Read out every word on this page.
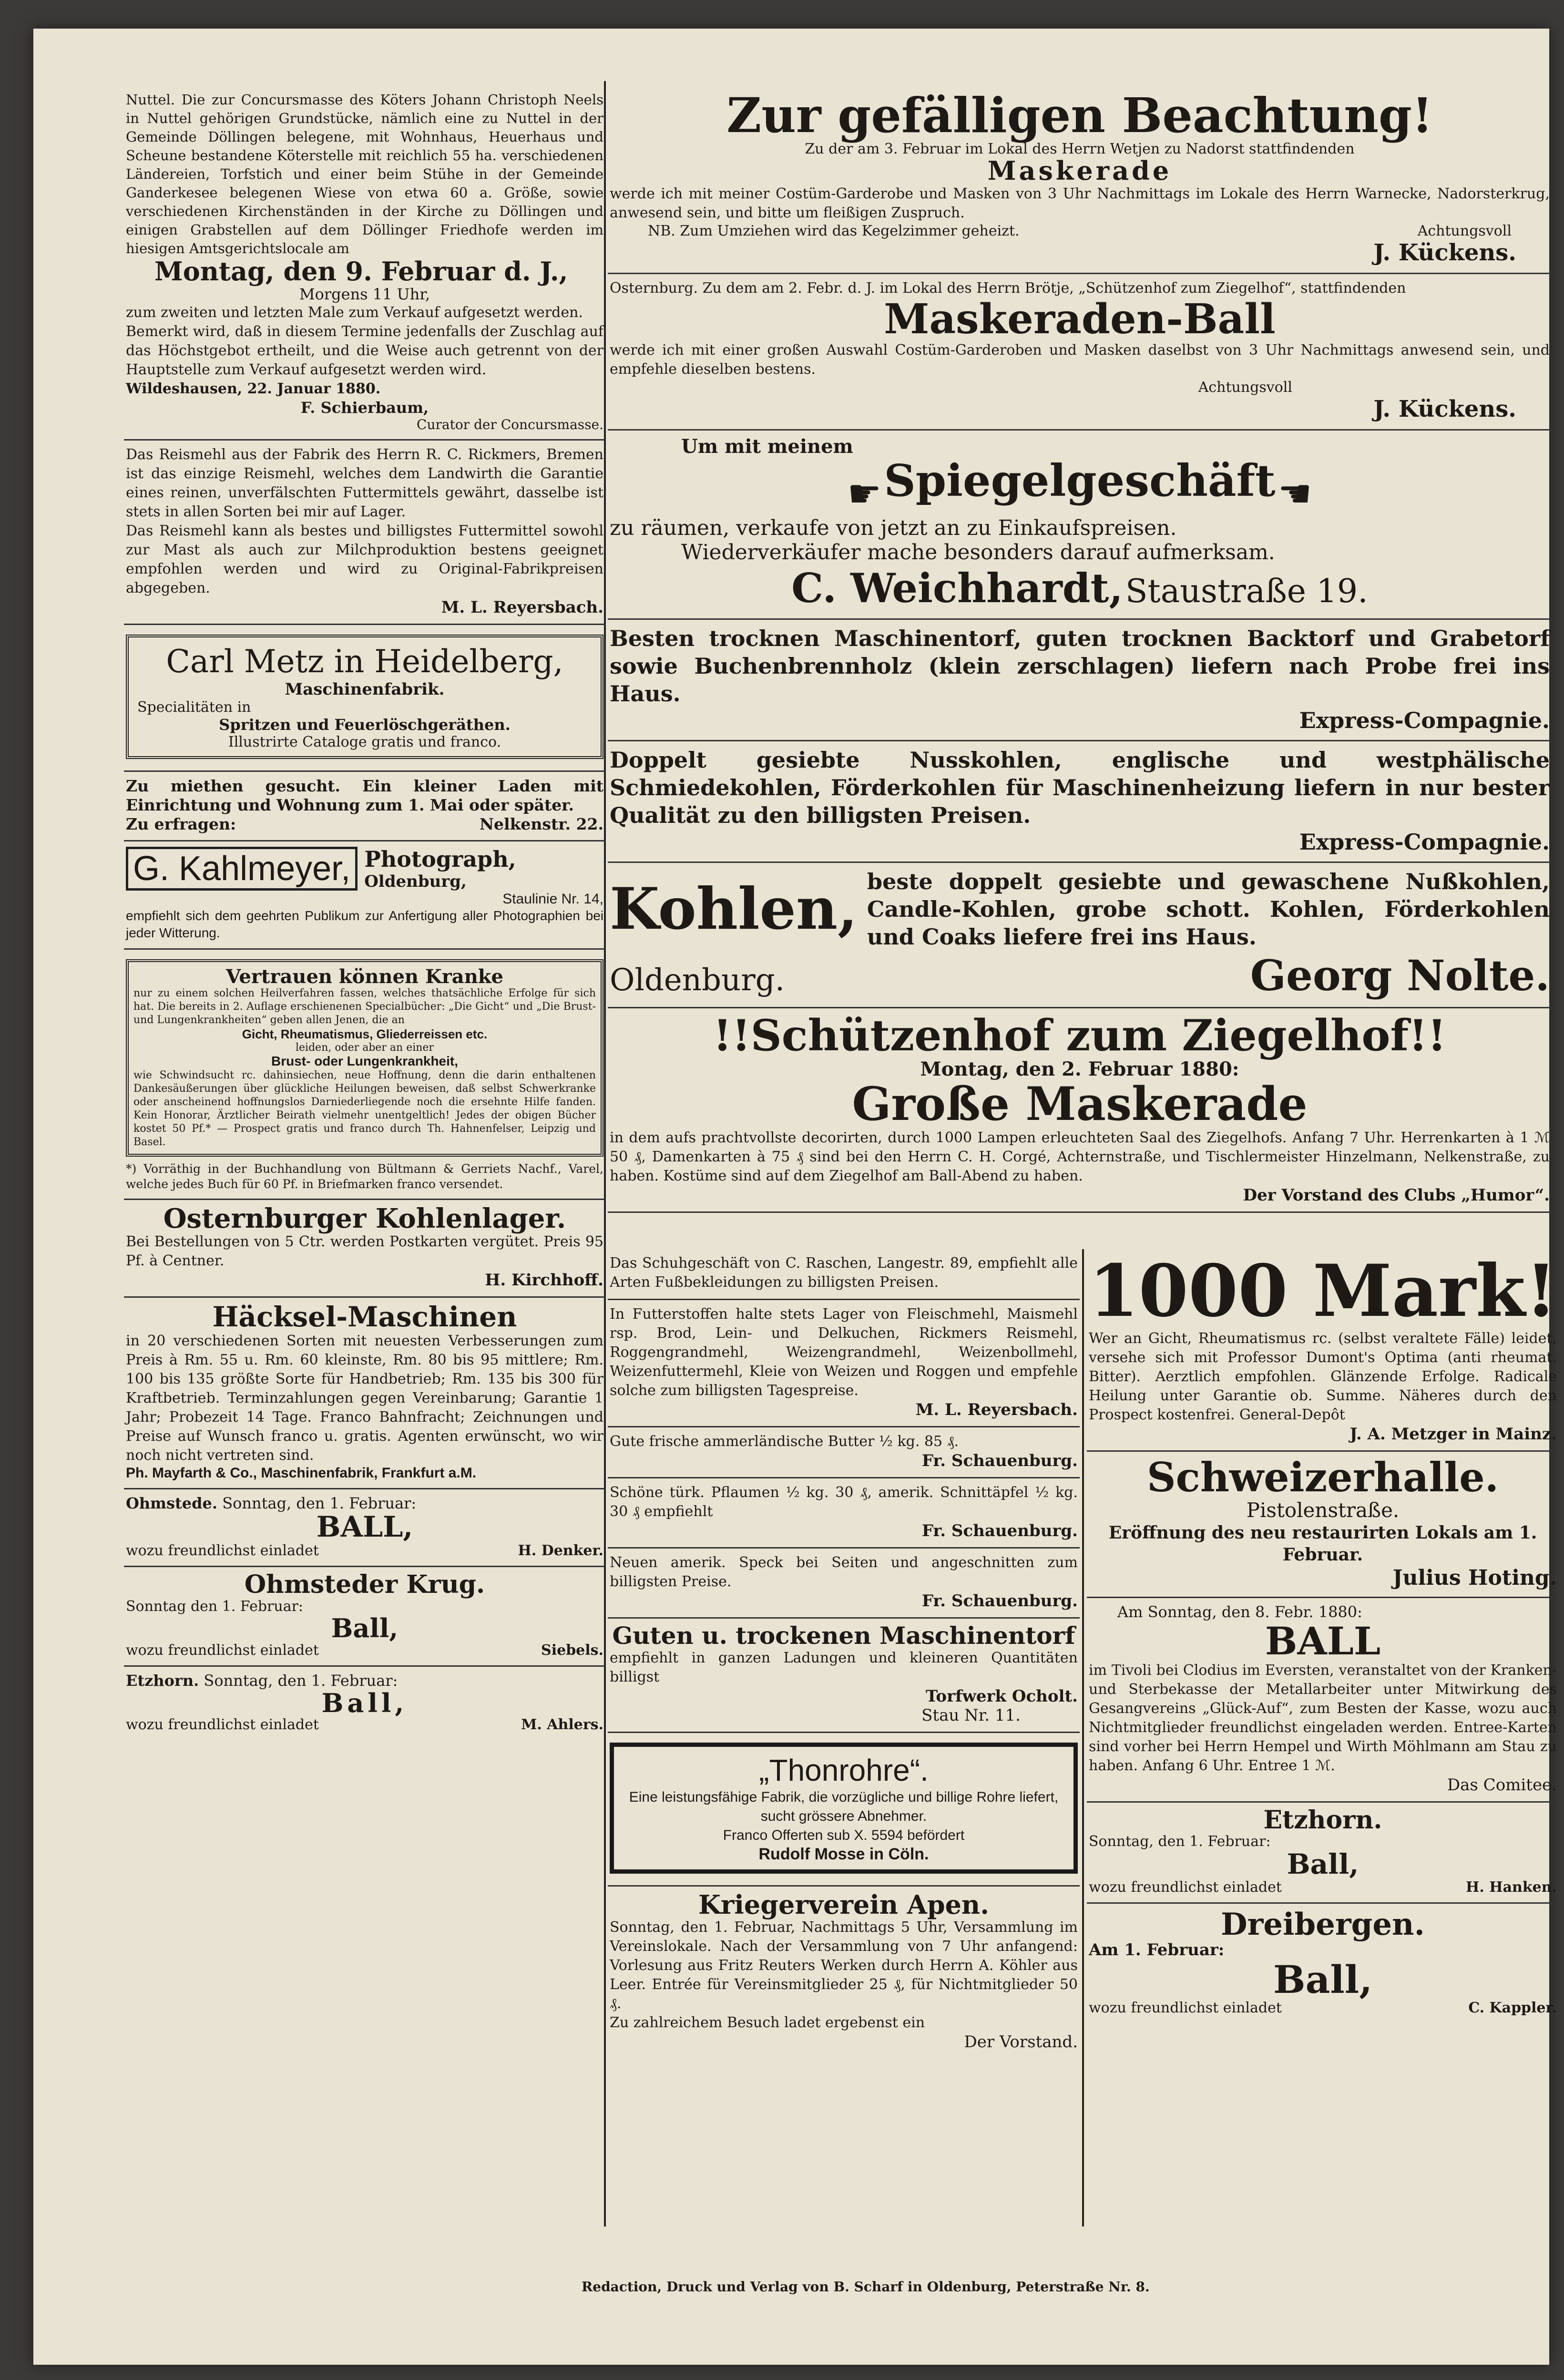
Nuttel. Die zur Concursmasse des Köters Johann Christoph Neels in Nuttel gehörigen Grundstücke, nämlich eine zu Nuttel in der Gemeinde Döllingen belegene, mit Wohnhaus, Heuerhaus und Scheune bestandene Köterstelle mit reichlich 55 ha. verschiedenen Ländereien, Torfstich und einer beim Stühe in der Gemeinde Ganderkesee belegenen Wiese von etwa 60 a. Größe, sowie verschiedenen Kirchenständen in der Kirche zu Döllingen und einigen Grabstellen auf dem Döllinger Friedhofe werden im hiesigen Amtsgerichtslocale am

Montag, den 9. Februar d. J.,
Morgens 11 Uhr,

zum zweiten und letzten Male zum Verkauf aufgesetzt werden.

Bemerkt wird, daß in diesem Termine jedenfalls der Zuschlag auf das Höchstgebot ertheilt, und die Weise auch getrennt von der Hauptstelle zum Verkauf aufgesetzt werden wird.

Wildeshausen, 22. Januar 1880.

F. Schierbaum,
Curator der Concursmasse.

Das Reismehl aus der Fabrik des Herrn R. C. Rickmers, Bremen ist das einzige Reismehl, welches dem Landwirth die Garantie eines reinen, unverfälschten Futtermittels gewährt, dasselbe ist stets in allen Sorten bei mir auf Lager.

Das Reismehl kann als bestes und billigstes Futtermittel sowohl zur Mast als auch zur Milchproduktion bestens geeignet empfohlen werden und wird zu Original-Fabrikpreisen abgegeben.

M. L. Reyersbach.
Carl Metz in Heidelberg,
Maschinenfabrik.
Specialitäten in
Spritzen und Feuerlöschgeräthen.
Illustrirte Cataloge gratis und franco.

Zu miethen gesucht. Ein kleiner Laden mit Einrichtung und Wohnung zum 1. Mai oder später.

Zu erfragen:	Nelkenstr. 22.
G. Kahlmeyer, Photograph,
Oldenburg,
Staulinie Nr. 14,

empfiehlt sich dem geehrten Publikum zur Anfertigung aller Photographien bei jeder Witterung.

Vertrauen können Kranke

nur zu einem solchen Heilverfahren fassen, welches thatsächliche Erfolge für sich hat. Die bereits in 2. Auflage erschienenen Specialbücher: „Die Gicht“ und „Die Brust- und Lungenkrankheiten“ geben allen Jenen, die an

Gicht, Rheumatismus, Gliederreissen etc.
leiden, oder aber an einer
Brust- oder Lungenkrankheit,

wie Schwindsucht rc. dahinsiechen, neue Hoffnung, denn die darin enthaltenen Dankesäußerungen über glückliche Heilungen beweisen, daß selbst Schwerkranke oder anscheinend hoffnungslos Darniederliegende noch die ersehnte Hilfe fanden. Kein Honorar, Ärztlicher Beirath vielmehr unentgeltlich! Jedes der obigen Bücher kostet 50 Pf.* — Prospect gratis und franco durch Th. Hahnenfelser, Leipzig und Basel.

*) Vorräthig in der Buchhandlung von Bültmann & Gerriets Nachf., Varel, welche jedes Buch für 60 Pf. in Briefmarken franco versendet.

Osternburger Kohlenlager.

Bei Bestellungen von 5 Ctr. werden Postkarten vergütet. Preis 95 Pf. à Centner.

H. Kirchhoff.
Häcksel-Maschinen

in 20 verschiedenen Sorten mit neuesten Verbesserungen zum Preis à Rm. 55 u. Rm. 60 kleinste, Rm. 80 bis 95 mittlere; Rm. 100 bis 135 größte Sorte für Handbetrieb; Rm. 135 bis 300 für Kraftbetrieb. Terminzahlungen gegen Vereinbarung; Garantie 1 Jahr; Probezeit 14 Tage. Franco Bahnfracht; Zeichnungen und Preise auf Wunsch franco u. gratis. Agenten erwünscht, wo wir noch nicht vertreten sind.

Ph. Mayfarth & Co., Maschinenfabrik, Frankfurt a.M.
Ohmstede. Sonntag, den 1. Februar:
BALL,
wozu freundlichst einladet	H. Denker.
Ohmsteder Krug.
Sonntag den 1. Februar:
Ball,
wozu freundlichst einladet	Siebels.
Etzhorn. Sonntag, den 1. Februar:
Ball,
wozu freundlichst einladet	M. Ahlers.
Zur gefälligen Beachtung!
Zu der am 3. Februar im Lokal des Herrn Wetjen zu Nadorst stattfindenden
Maskerade

werde ich mit meiner Costüm-Garderobe und Masken von 3 Uhr Nachmittags im Lokale des Herrn Warnecke, Nadorsterkrug, anwesend sein, und bitte um fleißigen Zuspruch.

NB. Zum Umziehen wird das Kegelzimmer geheizt.	Achtungsvoll
J. Kückens.

Osternburg. Zu dem am 2. Febr. d. J. im Lokal des Herrn Brötje, „Schützenhof zum Ziegelhof“, stattfindenden

Maskeraden-Ball

werde ich mit einer großen Auswahl Costüm-Garderoben und Masken daselbst von 3 Uhr Nachmittags anwesend sein, und empfehle dieselben bestens.

Achtungsvoll
J. Kückens.
Um mit meinem
☛ Spiegelgeschäft ☚
zu räumen, verkaufe von jetzt an zu Einkaufspreisen.
Wiederverkäufer mache besonders darauf aufmerksam.
C. Weichhardt, Staustraße 19.

Besten trocknen Maschinentorf, guten trocknen Backtorf und Grabetorf sowie Buchenbrennholz (klein zerschlagen) liefern nach Probe frei ins Haus.

Express-Compagnie.

Doppelt gesiebte Nusskohlen, englische und westphälische Schmiedekohlen, Förderkohlen für Maschinenheizung liefern in nur bester Qualität zu den billigsten Preisen.

Express-Compagnie.
Kohlen, beste doppelt gesiebte und gewaschene Nußkohlen, Candle-Kohlen, grobe schott. Kohlen, Förderkohlen und Coaks liefere frei ins Haus.

Oldenburg.	Georg Nolte.
!!Schützenhof zum Ziegelhof!!
Montag, den 2. Februar 1880:
Große Maskerade

in dem aufs prachtvollste decorirten, durch 1000 Lampen erleuchteten Saal des Ziegelhofs. Anfang 7 Uhr. Herrenkarten à 1 ℳ 50 ₰, Damenkarten à 75 ₰ sind bei den Herrn C. H. Corgé, Achternstraße, und Tischlermeister Hinzelmann, Nelkenstraße, zu haben. Kostüme sind auf dem Ziegelhof am Ball-Abend zu haben.

Der Vorstand des Clubs „Humor“.

Das Schuhgeschäft von C. Raschen, Langestr. 89, empfiehlt alle Arten Fußbekleidungen zu billigsten Preisen.

In Futterstoffen halte stets Lager von Fleischmehl, Maismehl rsp. Brod, Lein- und Delkuchen, Rickmers Reismehl, Roggengrandmehl, Weizengrandmehl, Weizenbollmehl, Weizenfuttermehl, Kleie von Weizen und Roggen und empfehle solche zum billigsten Tagespreise.

M. L. Reyersbach.

Gute frische ammerländische Butter ½ kg. 85 ₰.

Fr. Schauenburg.

Schöne türk. Pflaumen ½ kg. 30 ₰, amerik. Schnittäpfel ½ kg. 30 ₰ empfiehlt

Fr. Schauenburg.

Neuen amerik. Speck bei Seiten und angeschnitten zum billigsten Preise.

Fr. Schauenburg.
Guten u. trockenen Maschinentorf

empfiehlt in ganzen Ladungen und kleineren Quantitäten billigst

Torfwerk Ocholt.
Stau Nr. 11.
„Thonrohre“.

Eine leistungsfähige Fabrik, die vorzügliche und billige Rohre liefert, sucht grössere Abnehmer.

Franco Offerten sub X. 5594 befördert

Rudolf Mosse in Cöln.
Kriegerverein Apen.

Sonntag, den 1. Februar, Nachmittags 5 Uhr, Versammlung im Vereinslokale. Nach der Versammlung von 7 Uhr anfangend: Vorlesung aus Fritz Reuters Werken durch Herrn A. Köhler aus Leer. Entrée für Vereinsmitglieder 25 ₰, für Nichtmitglieder 50 ₰.

Zu zahlreichem Besuch ladet ergebenst ein

Der Vorstand.
1000 Mark!

Wer an Gicht, Rheumatismus rc. (selbst veraltete Fälle) leidet, versehe sich mit Professor Dumont's Optima (anti rheumat. Bitter). Aerztlich empfohlen. Glänzende Erfolge. Radicale Heilung unter Garantie ob. Summe. Näheres durch den Prospect kostenfrei. General-Depôt

J. A. Metzger in Mainz.
Schweizerhalle.
Pistolenstraße.

Eröffnung des neu restaurirten Lokals am 1. Februar.

Julius Hoting.
Am Sonntag, den 8. Febr. 1880:
BALL

im Tivoli bei Clodius im Eversten, veranstaltet von der Kranken- und Sterbekasse der Metallarbeiter unter Mitwirkung des Gesangvereins „Glück-Auf“, zum Besten der Kasse, wozu auch Nichtmitglieder freundlichst eingeladen werden. Entree-Karten sind vorher bei Herrn Hempel und Wirth Möhlmann am Stau zu haben. Anfang 6 Uhr. Entree 1 ℳ.

Das Comitee.
Etzhorn.
Sonntag, den 1. Februar:
Ball,
wozu freundlichst einladet	H. Hanken.
Dreibergen.
Am 1. Februar:
Ball,
wozu freundlichst einladet	C. Kappler.
Redaction, Druck und Verlag von B. Scharf in Oldenburg, Peterstraße Nr. 8.
